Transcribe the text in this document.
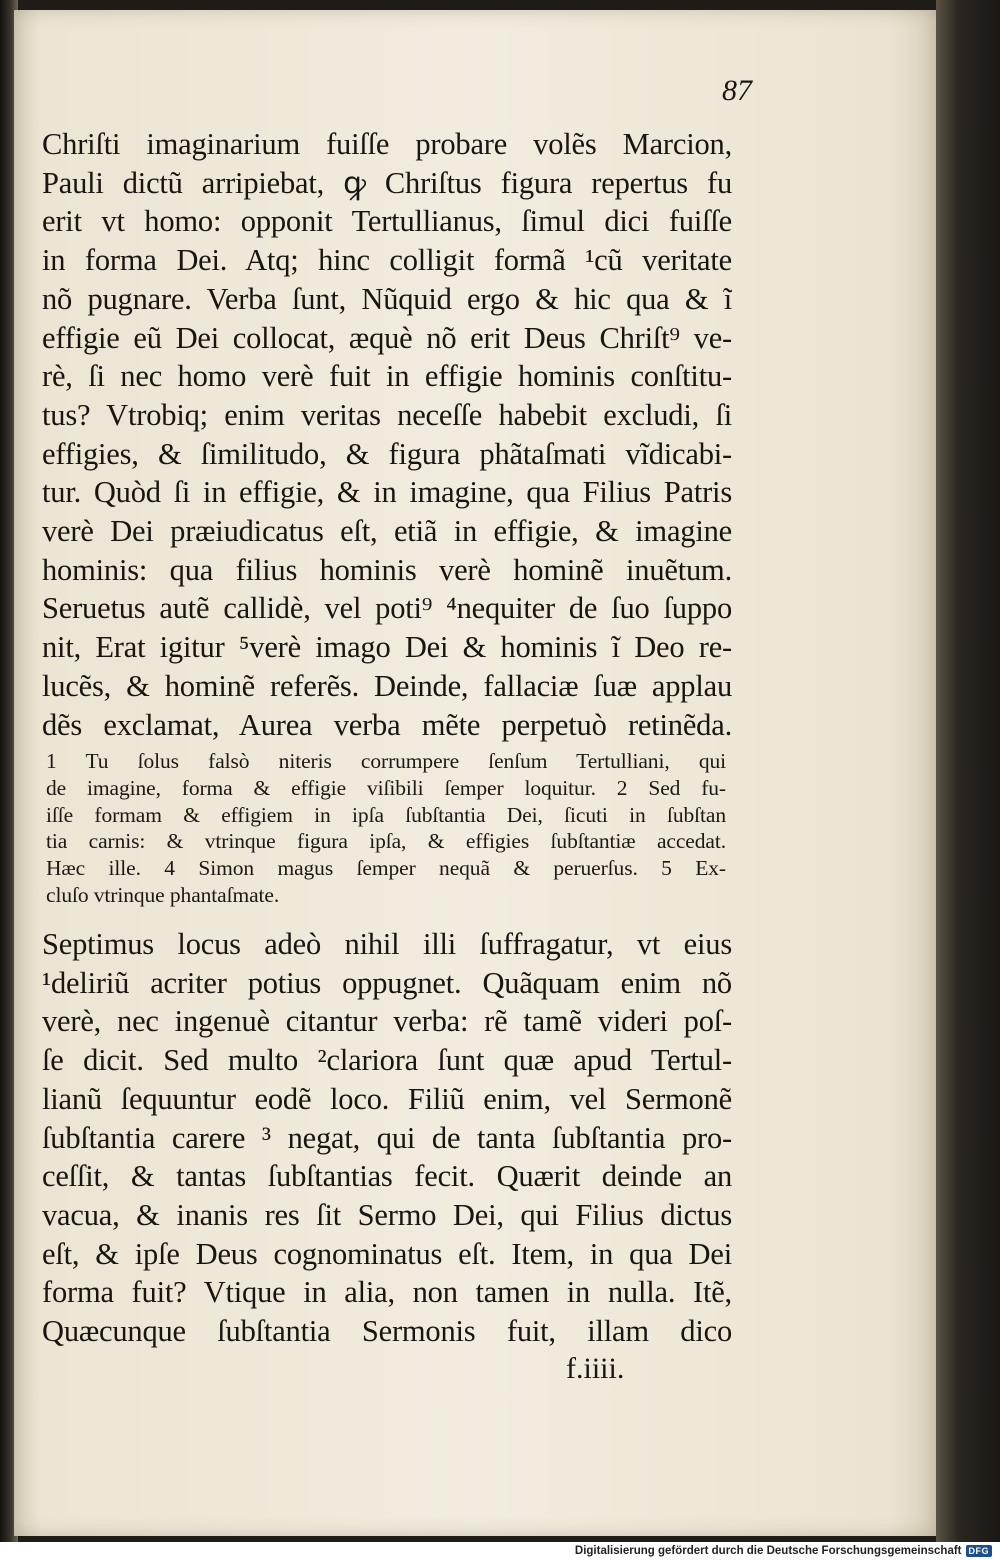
87
Chriſti imaginarium fuiſſe probare volẽs Marcion,
Pauli dictũ arripiebat, ꝙ Chriſtus figura repertus fu
erit vt homo: opponit Tertullianus, ſimul dici fuiſſe
in forma Dei. Atq; hinc colligit formã ¹cũ veritate
nõ pugnare. Verba ſunt, Nũquid ergo & hic qua & ĩ
effigie eũ Dei collocat, æquè nõ erit Deus Chriſt⁹ ve-
rè, ſi nec homo verè fuit in effigie hominis conſtitu-
tus? Vtrobiq; enim veritas neceſſe habebit excludi, ſi
effigies, & ſimilitudo, & figura phãtaſmati vĩdicabi-
tur. Quòd ſi in effigie, & in imagine, qua Filius Patris
verè Dei præiudicatus eſt, etiã in effigie, & imagine
hominis: qua filius hominis verè hominẽ inuẽtum.
Seruetus autẽ callidè, vel poti⁹ ⁴nequiter de ſuo ſuppo
nit, Erat igitur ⁵verè imago Dei & hominis ĩ Deo re-
lucẽs, & hominẽ referẽs. Deinde, fallaciæ ſuæ applau
dẽs exclamat, Aurea verba mẽte perpetuò retinẽda.
1 Tu ſolus falsò niteris corrumpere ſenſum Tertulliani, qui
de imagine, forma & effigie viſibili ſemper loquitur. 2 Sed fu-
iſſe formam & effigiem in ipſa ſubſtantia Dei, ſicuti in ſubſtan
tia carnis: & vtrinque figura ipſa, & effigies ſubſtantiæ accedat.
Hæc ille. 4 Simon magus ſemper nequã & peruerſus. 5 Ex-
cluſo vtrinque phantaſmate.
Septimus locus adeò nihil illi ſuffragatur, vt eius
¹deliriũ acriter potius oppugnet. Quãquam enim nõ
verè, nec ingenuè citantur verba: rẽ tamẽ videri poſ-
ſe dicit. Sed multo ²clariora ſunt quæ apud Tertul-
lianũ ſequuntur eodẽ loco. Filiũ enim, vel Sermonẽ
ſubſtantia carere ³ negat, qui de tanta ſubſtantia pro-
ceſſit, & tantas ſubſtantias fecit. Quærit deinde an
vacua, & inanis res ſit Sermo Dei, qui Filius dictus
eſt, & ipſe Deus cognominatus eſt. Item, in qua Dei
forma fuit? Vtique in alia, non tamen in nulla. Itẽ,
Quæcunque ſubſtantia Sermonis fuit, illam dico
f.iiii.
Digitalisierung gefördert durch die Deutsche Forschungsgemeinschaft DFG
